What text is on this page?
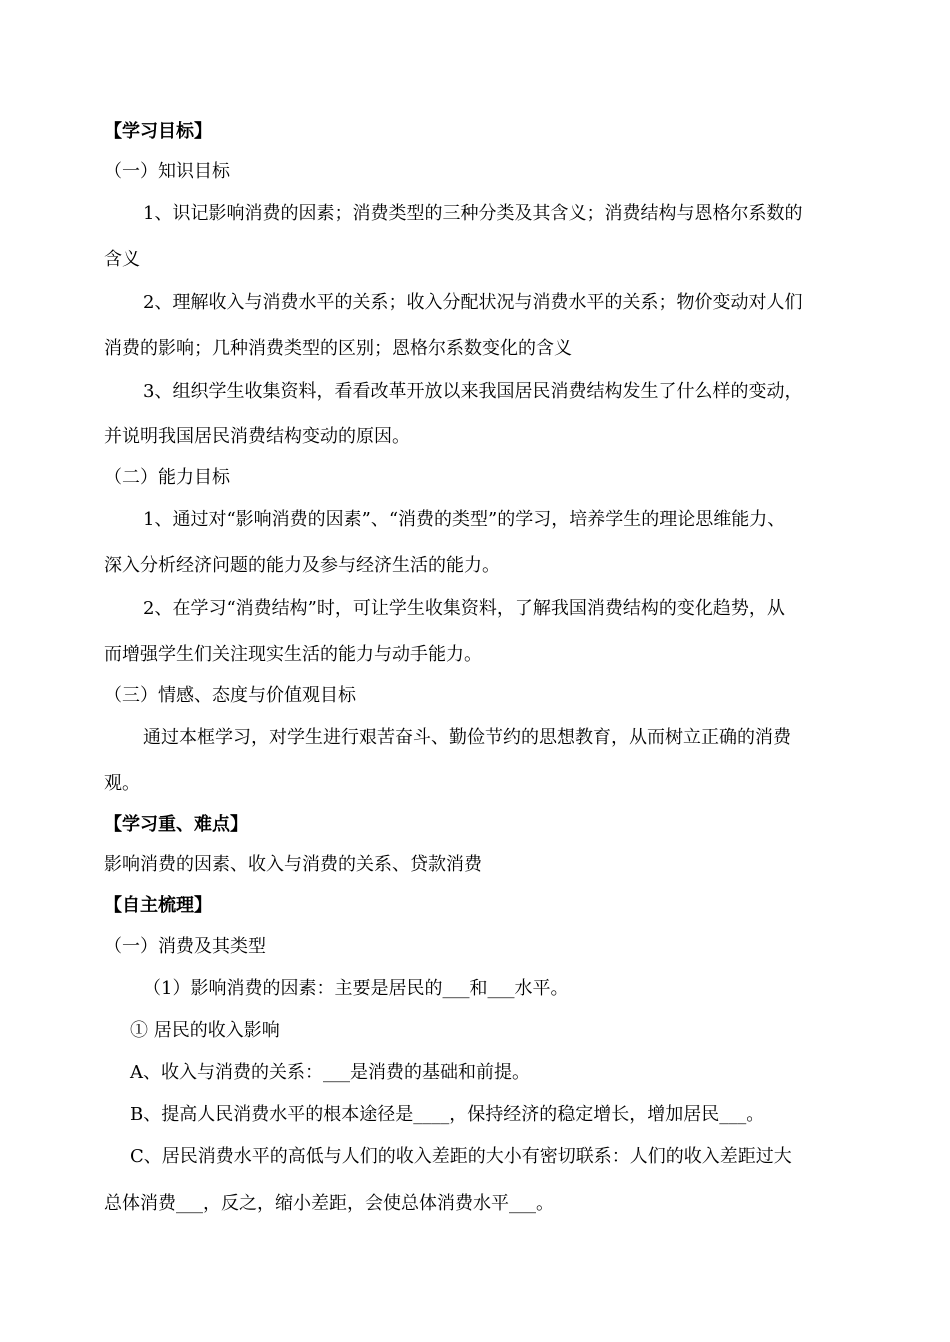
【学习目标】
（一）知识目标
1、识记影响消费的因素；消费类型的三种分类及其含义；消费结构与恩格尔系数的
含义
2、理解收入与消费水平的关系；收入分配状况与消费水平的关系；物价变动对人们
消费的影响；几种消费类型的区别；恩格尔系数变化的含义
3、组织学生收集资料，看看改革开放以来我国居民消费结构发生了什么样的变动，
并说明我国居民消费结构变动的原因。
（二）能力目标
1、通过对“影响消费的因素”、“消费的类型”的学习，培养学生的理论思维能力、
深入分析经济问题的能力及参与经济生活的能力。
2、在学习“消费结构”时，可让学生收集资料，了解我国消费结构的变化趋势，从
而增强学生们关注现实生活的能力与动手能力。
（三）情感、态度与价值观目标
通过本框学习，对学生进行艰苦奋斗、勤俭节约的思想教育，从而树立正确的消费
观。
【学习重、难点】
影响消费的因素、收入与消费的关系、贷款消费
【自主梳理】
（一）消费及其类型
（1）影响消费的因素：主要是居民的___和___水平。
① 居民的收入影响
A、收入与消费的关系：___是消费的基础和前提。
B、提高人民消费水平的根本途径是____，保持经济的稳定增长，增加居民___。
C、居民消费水平的高低与人们的收入差距的大小有密切联系：人们的收入差距过大
总体消费___，反之，缩小差距，会使总体消费水平___。
